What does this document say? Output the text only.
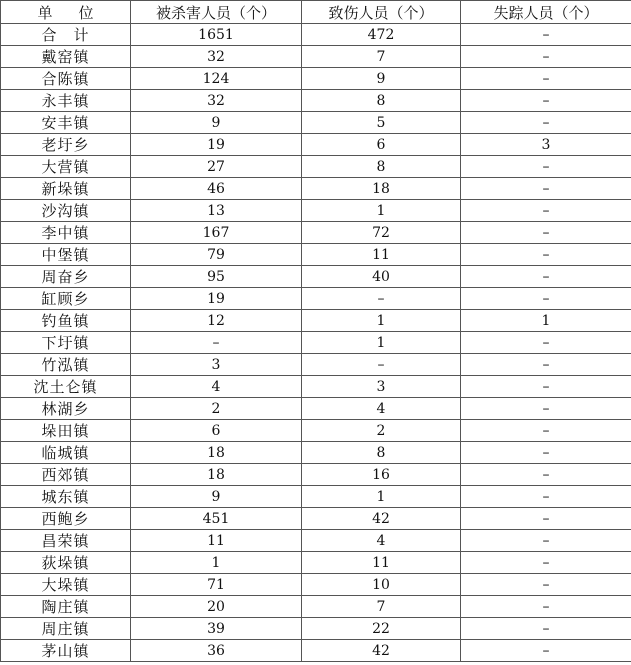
单 位	被杀害人员（个）	致伤人员（个）	失踪人员（个）
合　计	1651	472	–
戴窑镇	32	7	–
合陈镇	124	9	–
永丰镇	32	8	–
安丰镇	9	5	–
老圩乡	19	6	3
大营镇	27	8	–
新垛镇	46	18	–
沙沟镇	13	1	–
李中镇	167	72	–
中堡镇	79	11	–
周奋乡	95	40	–
缸顾乡	19	–	–
钓鱼镇	12	1	1
下圩镇	–	1	–
竹泓镇	3	–	–
沈土仑镇	4	3	–
林湖乡	2	4	–
垛田镇	6	2	–
临城镇	18	8	–
西郊镇	18	16	–
城东镇	9	1	–
西鲍乡	451	42	–
昌荣镇	11	4	–
荻垛镇	1	11	–
大垛镇	71	10	–
陶庄镇	20	7	–
周庄镇	39	22	–
茅山镇	36	42	–
